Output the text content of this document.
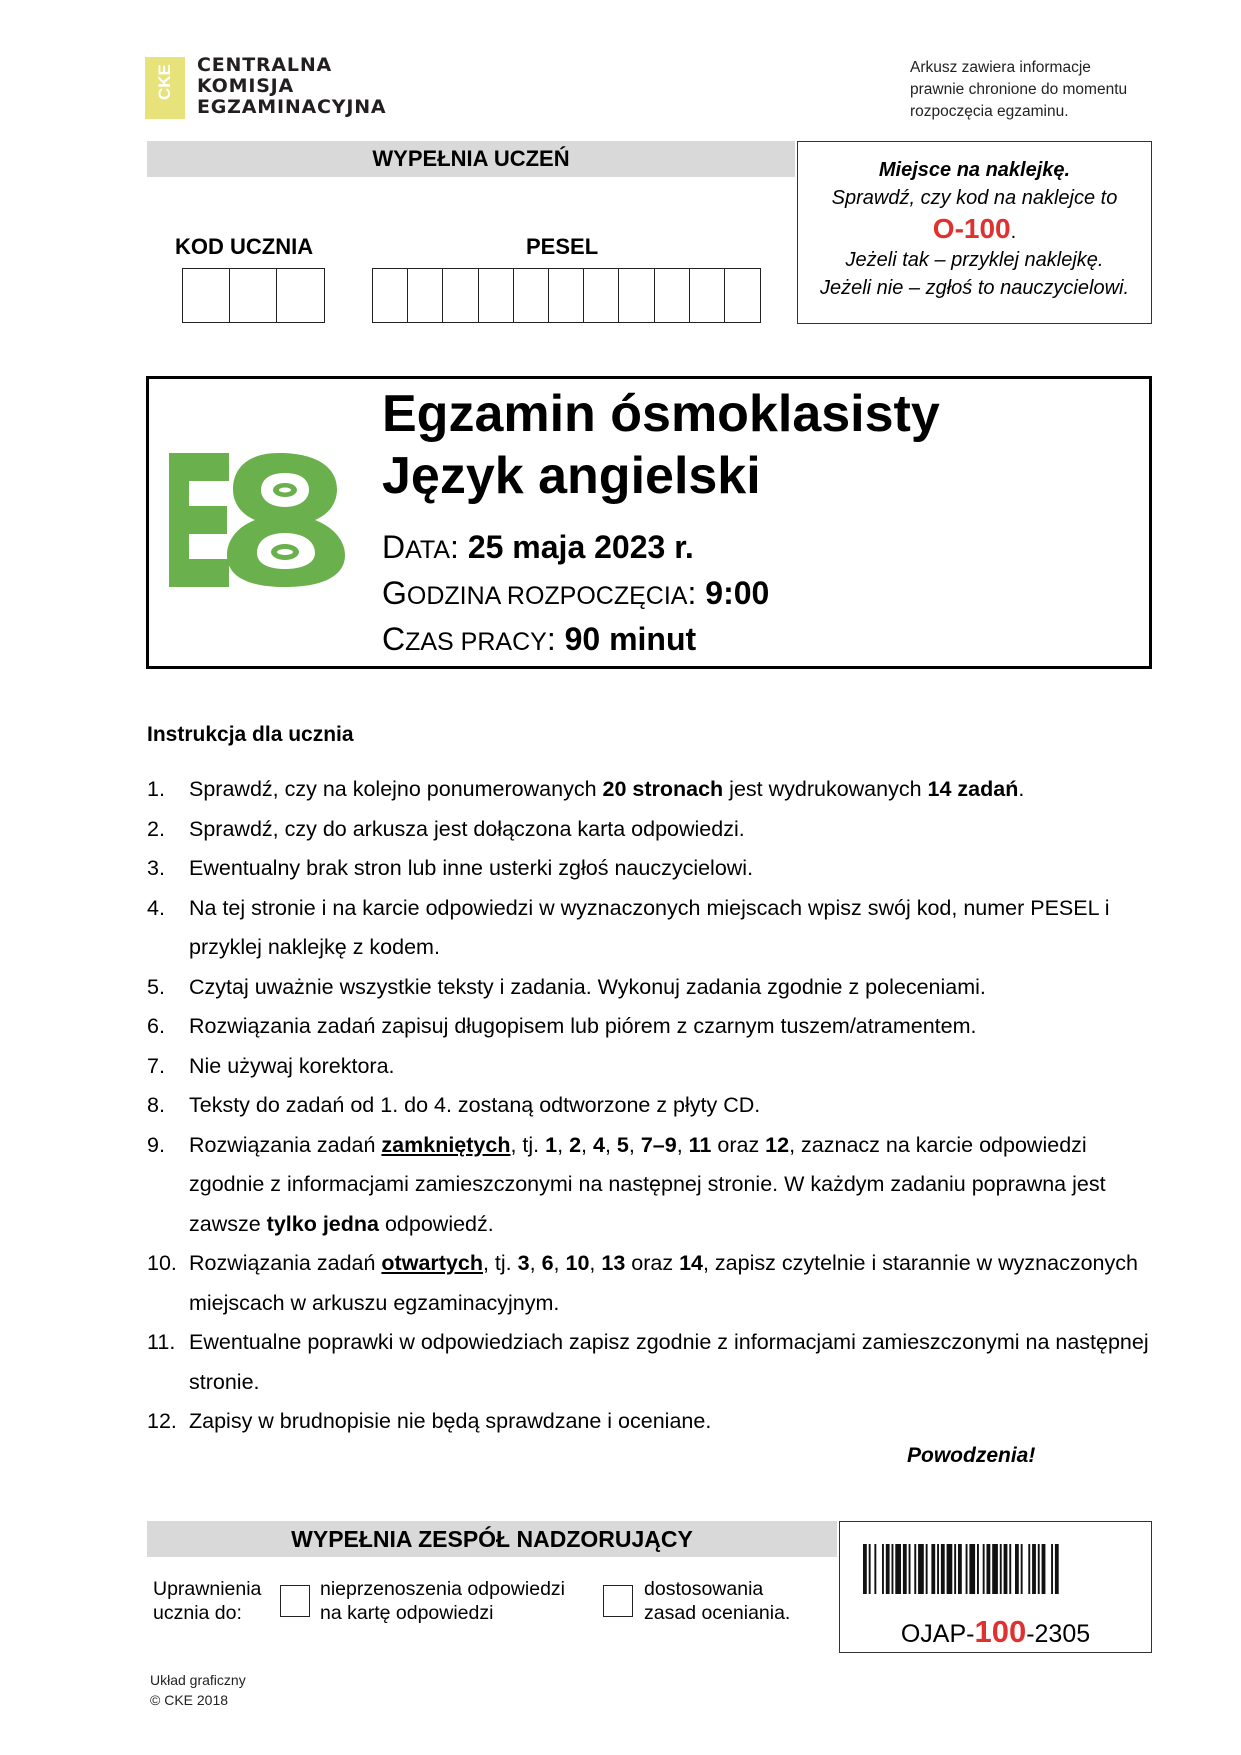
CKE CENTRALNA
KOMISJA
EGZAMINACYJNA
Arkusz zawiera informacje
prawnie chronione do momentu
rozpoczęcia egzaminu.
WYPEŁNIA UCZEŃ
KOD UCZNIA	PESEL
Miejsce na naklejkę.
Sprawdź, czy kod na naklejce to
O-100.
Jeżeli tak – przyklej naklejkę.
Jeżeli nie – zgłoś to nauczycielowi.
Egzamin ósmoklasisty
Język angielski
DATA: 25 maja 2023 r.
GODZINA ROZPOCZĘCIA: 9:00
CZAS PRACY: 90 minut
Instrukcja dla ucznia
1. Sprawdź, czy na kolejno ponumerowanych 20 stronach jest wydrukowanych 14 zadań.
2. Sprawdź, czy do arkusza jest dołączona karta odpowiedzi.
3. Ewentualny brak stron lub inne usterki zgłoś nauczycielowi.
4. Na tej stronie i na karcie odpowiedzi w wyznaczonych miejscach wpisz swój kod, numer PESEL i przyklej naklejkę z kodem.
5. Czytaj uważnie wszystkie teksty i zadania. Wykonuj zadania zgodnie z poleceniami.
6. Rozwiązania zadań zapisuj długopisem lub piórem z czarnym tuszem/atramentem.
7. Nie używaj korektora.
8. Teksty do zadań od 1. do 4. zostaną odtworzone z płyty CD.
9. Rozwiązania zadań zamkniętych, tj. 1, 2, 4, 5, 7–9, 11 oraz 12, zaznacz na karcie odpowiedzi zgodnie z informacjami zamieszczonymi na następnej stronie. W każdym zadaniu poprawna jest zawsze tylko jedna odpowiedź.
10. Rozwiązania zadań otwartych, tj. 3, 6, 10, 13 oraz 14, zapisz czytelnie i starannie w wyznaczonych miejscach w arkuszu egzaminacyjnym.
11. Ewentualne poprawki w odpowiedziach zapisz zgodnie z informacjami zamieszczonymi na następnej stronie.
12. Zapisy w brudnopisie nie będą sprawdzane i oceniane.
Powodzenia!
WYPEŁNIA ZESPÓŁ NADZORUJĄCY
Uprawnienia
ucznia do:
nieprzenoszenia odpowiedzi
na kartę odpowiedzi
dostosowania
zasad oceniania.
OJAP-100-2305
Układ graficzny
© CKE 2018
